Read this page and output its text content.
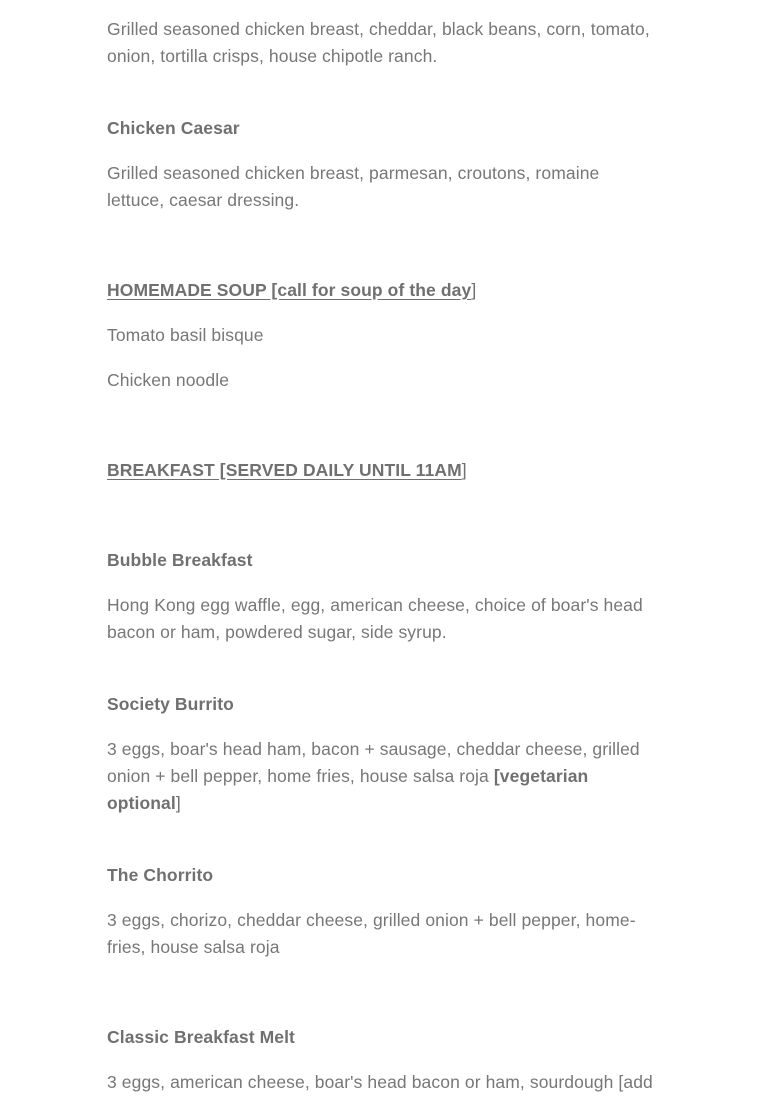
Grilled seasoned chicken breast, cheddar, black beans, corn, tomato, onion, tortilla crisps, house chipotle ranch.

Chicken Caesar

Grilled seasoned chicken breast, parmesan, croutons, romaine lettuce, caesar dressing.

HOMEMADE SOUP [call for soup of the day]

Tomato basil bisque

Chicken noodle

BREAKFAST [SERVED DAILY UNTIL 11AM]

Bubble Breakfast

Hong Kong egg waffle, egg, american cheese, choice of boar's head bacon or ham, powdered sugar, side syrup.

Society Burrito

3 eggs, boar's head ham, bacon + sausage, cheddar cheese, grilled onion + bell pepper, home fries, house salsa roja [vegetarian optional]

The Chorrito

3 eggs, chorizo, cheddar cheese, grilled onion + bell pepper, home-fries, house salsa roja

Classic Breakfast Melt

3 eggs, american cheese, boar's head bacon or ham, sourdough [add
